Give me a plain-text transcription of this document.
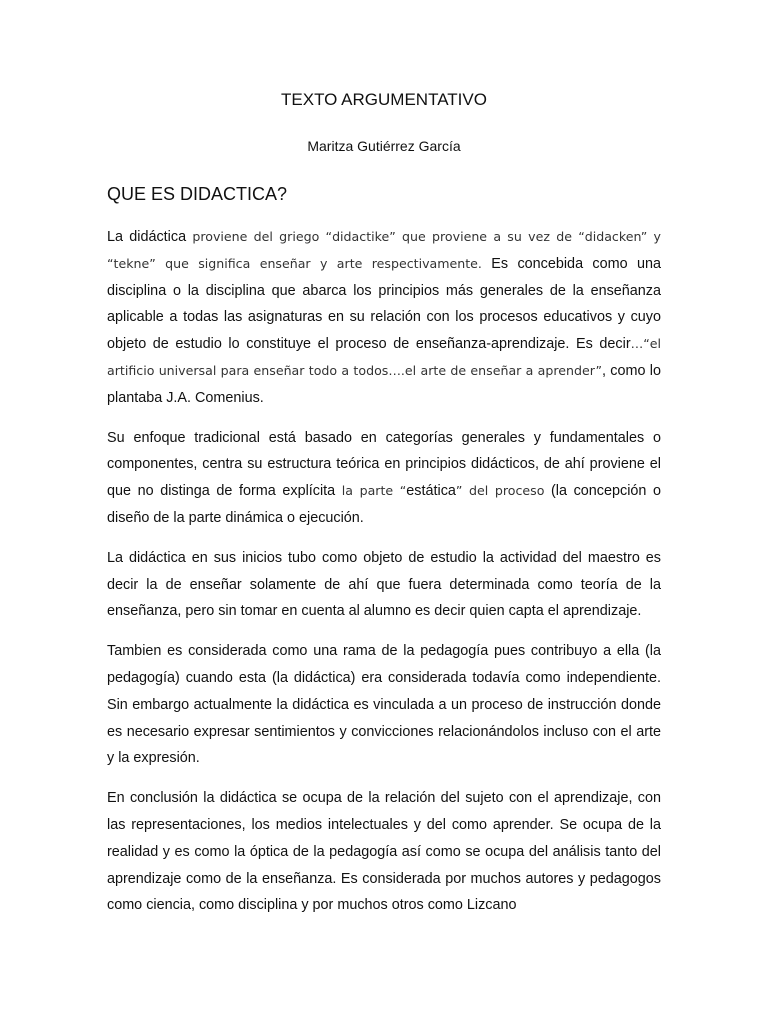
TEXTO ARGUMENTATIVO

Maritza Gutiérrez García

QUE ES DIDACTICA?

La didáctica proviene del griego “didactike” que proviene a su vez de “didacken” y “tekne” que significa enseñar y arte respectivamente. Es concebida como una disciplina o la disciplina que abarca los principios más generales de la enseñanza aplicable a todas las asignaturas en su relación con los procesos educativos y cuyo objeto de estudio lo constituye el proceso de enseñanza-aprendizaje. Es decir…“el artificio universal para enseñar todo a todos….el arte de enseñar a aprender”, como lo plantaba J.A. Comenius.

Su enfoque tradicional está basado en categorías generales y fundamentales o componentes, centra su estructura teórica en principios didácticos, de ahí proviene el que no distinga de forma explícita la parte “estática” del proceso (la concepción o diseño de la parte dinámica o ejecución.

La didáctica en sus inicios tubo como objeto de estudio la actividad del maestro es decir la de enseñar solamente de ahí que fuera determinada como teoría de la enseñanza, pero sin tomar en cuenta al alumno es decir quien capta el aprendizaje.

Tambien es considerada como una rama de la pedagogía pues contribuyo a ella (la pedagogía) cuando esta (la didáctica) era considerada todavía como independiente. Sin embargo actualmente la didáctica es vinculada a un proceso de instrucción donde es necesario expresar sentimientos y convicciones relacionándolos incluso con el arte y la expresión.

En conclusión la didáctica se ocupa de la relación del sujeto con el aprendizaje, con las representaciones, los medios intelectuales y del como aprender. Se ocupa de la realidad y es como la óptica de la pedagogía así como se ocupa del análisis tanto del aprendizaje como de la enseñanza. Es considerada por muchos autores y pedagogos como ciencia, como disciplina y por muchos otros como Lizcano
